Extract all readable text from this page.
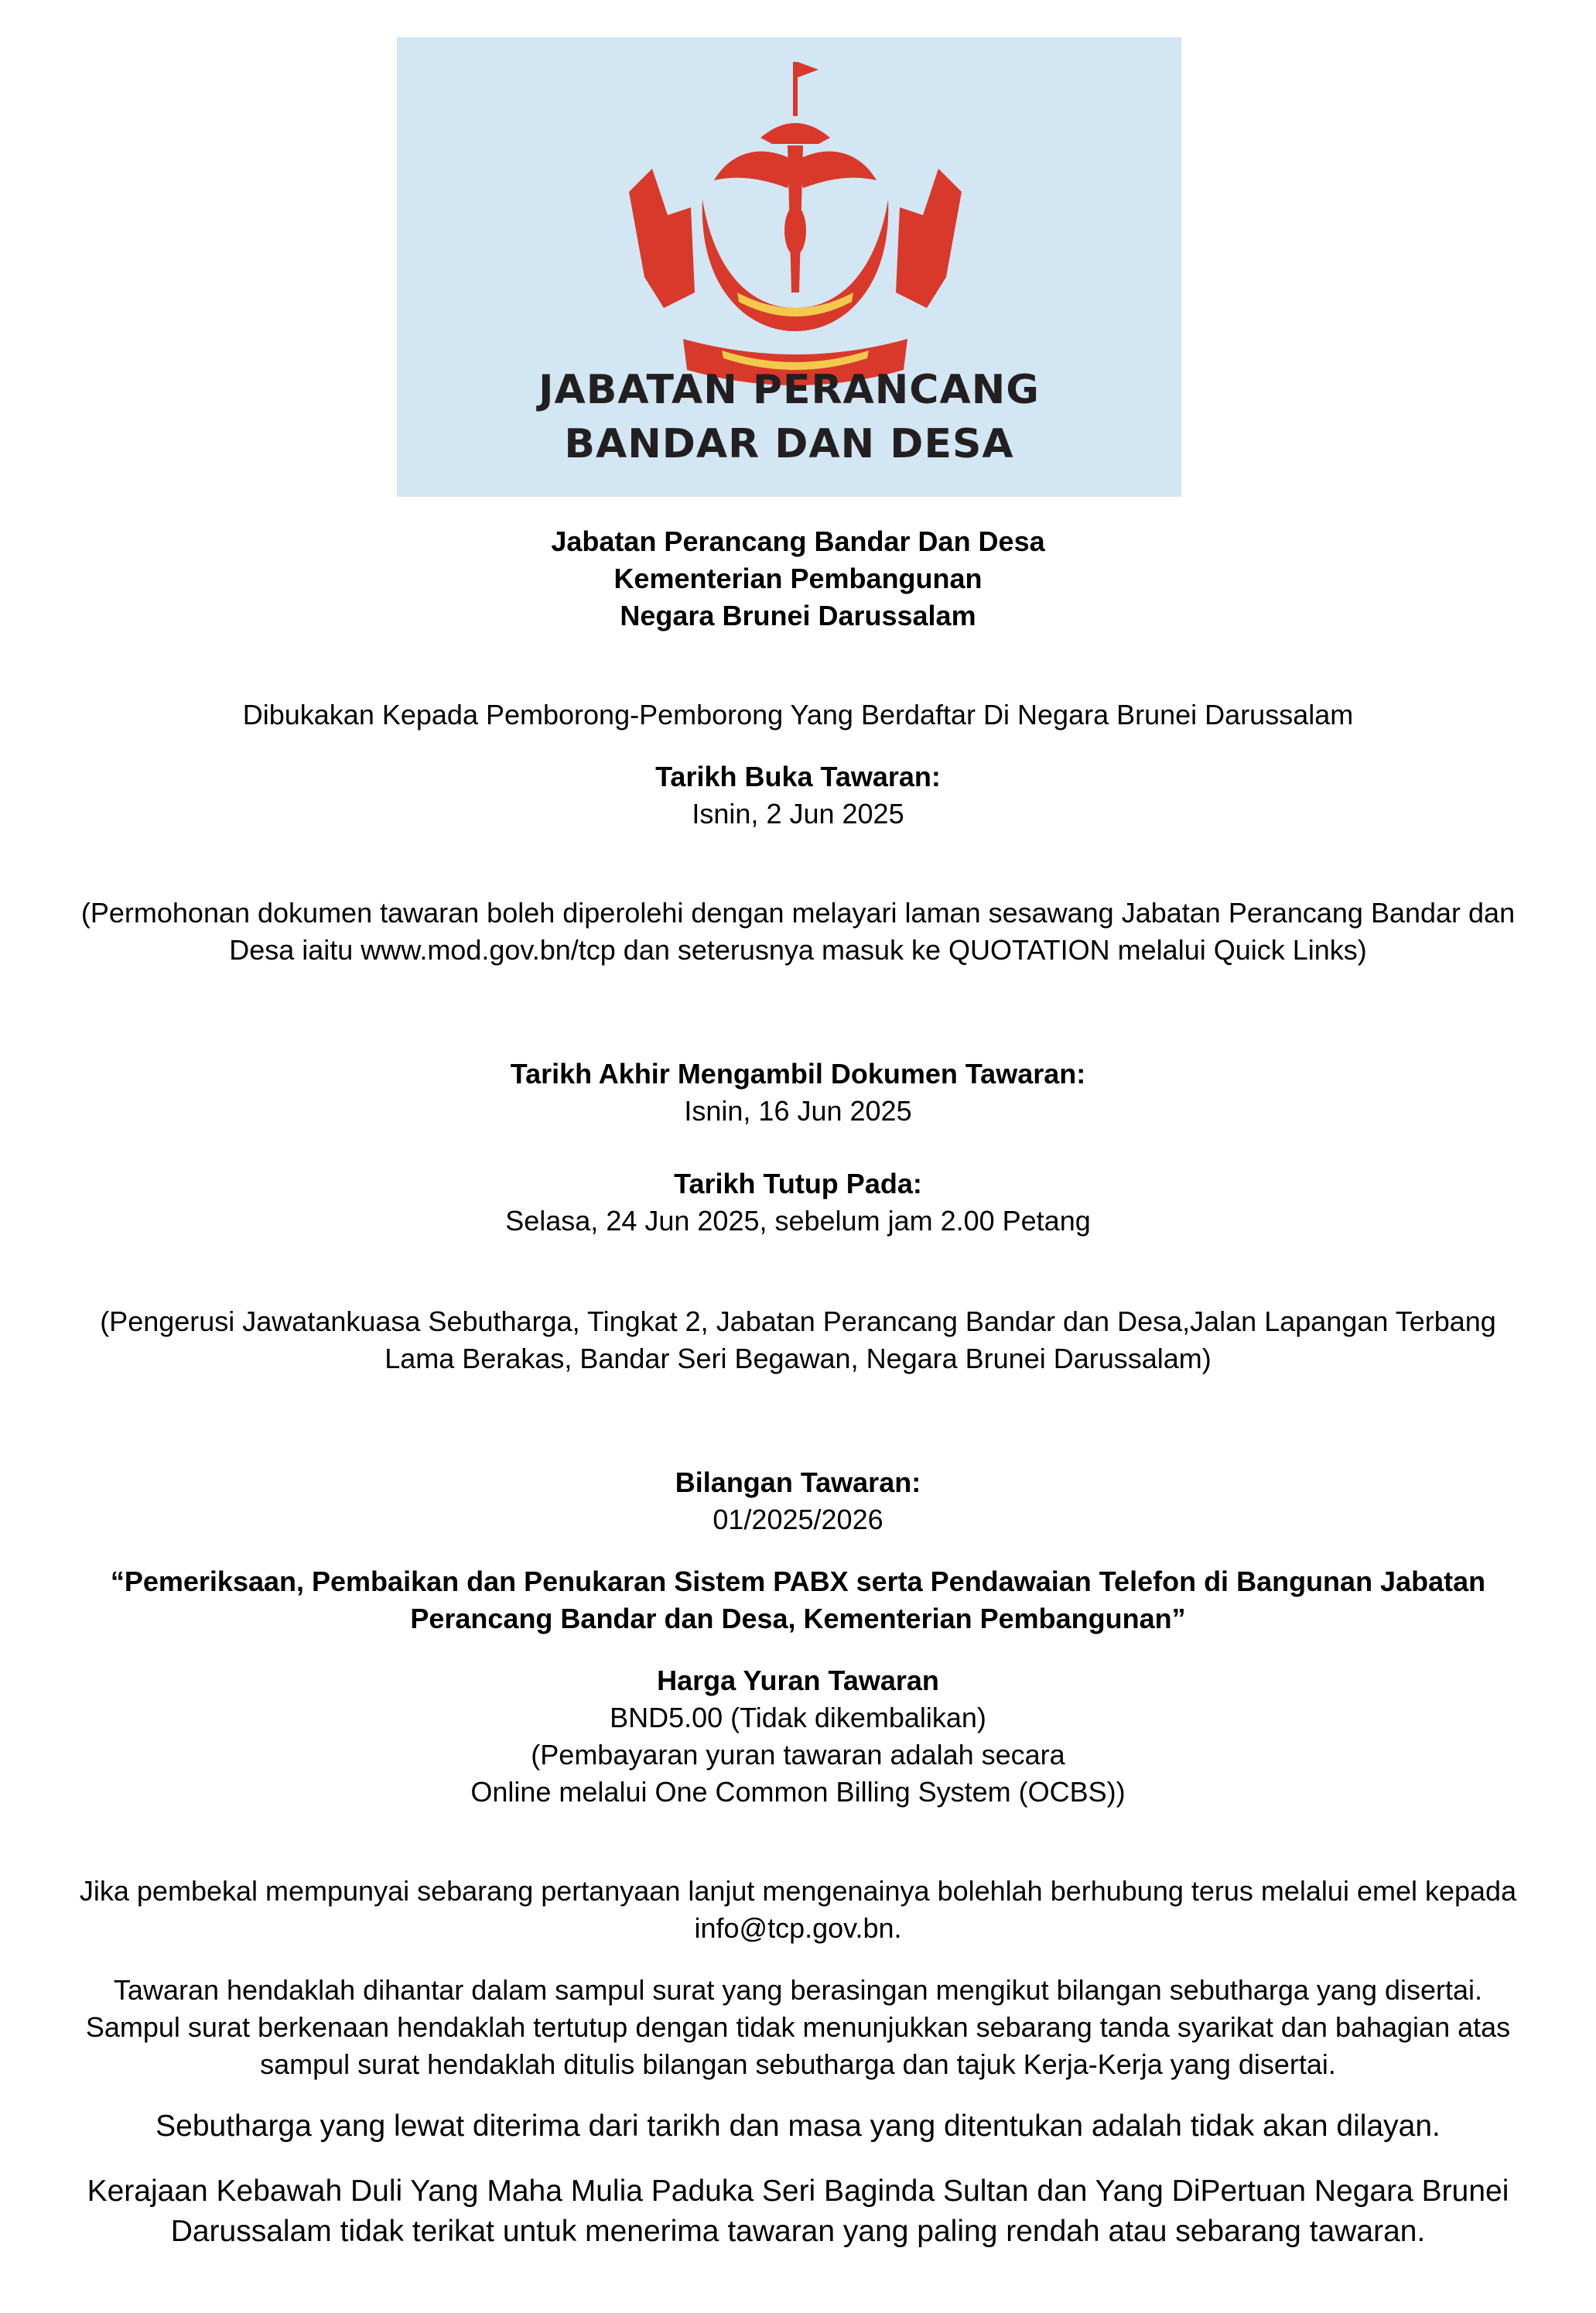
JABATAN PERANCANG
BANDAR DAN DESA
Jabatan Perancang Bandar Dan Desa
Kementerian Pembangunan
Negara Brunei Darussalam
Dibukakan Kepada Pemborong-Pemborong Yang Berdaftar Di Negara Brunei Darussalam
Tarikh Buka Tawaran:
Isnin, 2 Jun 2025
(Permohonan dokumen tawaran boleh diperolehi dengan melayari laman sesawang Jabatan Perancang Bandar dan
Desa iaitu www.mod.gov.bn/tcp dan seterusnya masuk ke QUOTATION melalui Quick Links)
Tarikh Akhir Mengambil Dokumen Tawaran:
Isnin, 16 Jun 2025
Tarikh Tutup Pada:
Selasa, 24 Jun 2025, sebelum jam 2.00 Petang
(Pengerusi Jawatankuasa Sebutharga, Tingkat 2, Jabatan Perancang Bandar dan Desa,Jalan Lapangan Terbang
Lama Berakas, Bandar Seri Begawan, Negara Brunei Darussalam)
Bilangan Tawaran:
01/2025/2026
“Pemeriksaan, Pembaikan dan Penukaran Sistem PABX serta Pendawaian Telefon di Bangunan Jabatan
Perancang Bandar dan Desa, Kementerian Pembangunan”
Harga Yuran Tawaran
BND5.00 (Tidak dikembalikan)
(Pembayaran yuran tawaran adalah secara
Online melalui One Common Billing System (OCBS))
Jika pembekal mempunyai sebarang pertanyaan lanjut mengenainya bolehlah berhubung terus melalui emel kepada
info@tcp.gov.bn.
Tawaran hendaklah dihantar dalam sampul surat yang berasingan mengikut bilangan sebutharga yang disertai.
Sampul surat berkenaan hendaklah tertutup dengan tidak menunjukkan sebarang tanda syarikat dan bahagian atas
sampul surat hendaklah ditulis bilangan sebutharga dan tajuk Kerja-Kerja yang disertai.
Sebutharga yang lewat diterima dari tarikh dan masa yang ditentukan adalah tidak akan dilayan.
Kerajaan Kebawah Duli Yang Maha Mulia Paduka Seri Baginda Sultan dan Yang DiPertuan Negara Brunei
Darussalam tidak terikat untuk menerima tawaran yang paling rendah atau sebarang tawaran.
